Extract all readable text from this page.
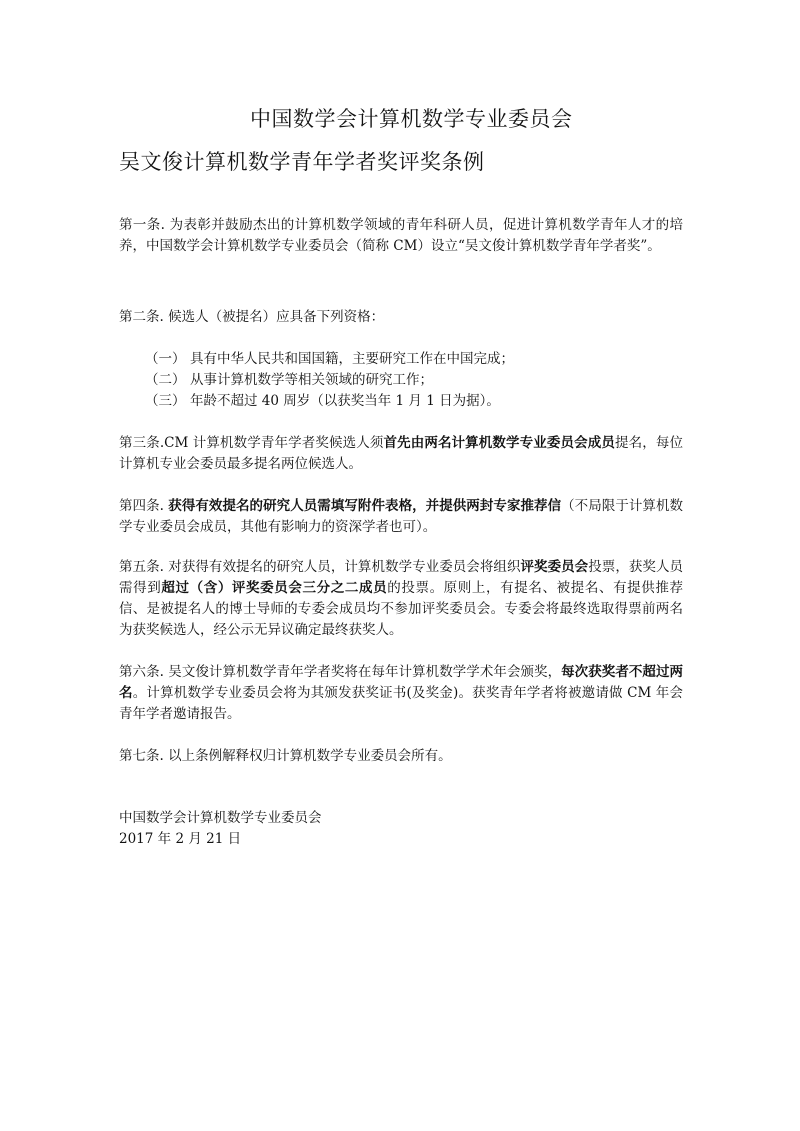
中国数学会计算机数学专业委员会
吴文俊计算机数学青年学者奖评奖条例
第一条. 为表彰并鼓励杰出的计算机数学领域的青年科研人员，促进计算机数学青年人才的培养，中国数学会计算机数学专业委员会（简称 CM）设立“吴文俊计算机数学青年学者奖”。
第二条. 候选人（被提名）应具备下列资格：
（一） 具有中华人民共和国国籍，主要研究工作在中国完成；
（二） 从事计算机数学等相关领域的研究工作；
（三） 年龄不超过 40 周岁（以获奖当年 1 月 1 日为据）。
第三条.CM 计算机数学青年学者奖候选人须首先由两名计算机数学专业委员会成员提名，每位计算机专业会委员最多提名两位候选人。
第四条. 获得有效提名的研究人员需填写附件表格，并提供两封专家推荐信（不局限于计算机数学专业委员会成员，其他有影响力的资深学者也可）。
第五条. 对获得有效提名的研究人员，计算机数学专业委员会将组织评奖委员会投票，获奖人员需得到超过（含）评奖委员会三分之二成员的投票。原则上，有提名、被提名、有提供推荐信、是被提名人的博士导师的专委会成员均不参加评奖委员会。专委会将最终选取得票前两名为获奖候选人，经公示无异议确定最终获奖人。
第六条. 吴文俊计算机数学青年学者奖将在每年计算机数学学术年会颁奖，每次获奖者不超过两名。计算机数学专业委员会将为其颁发获奖证书(及奖金)。获奖青年学者将被邀请做 CM 年会青年学者邀请报告。
第七条. 以上条例解释权归计算机数学专业委员会所有。
中国数学会计算机数学专业委员会
2017 年 2 月 21 日
